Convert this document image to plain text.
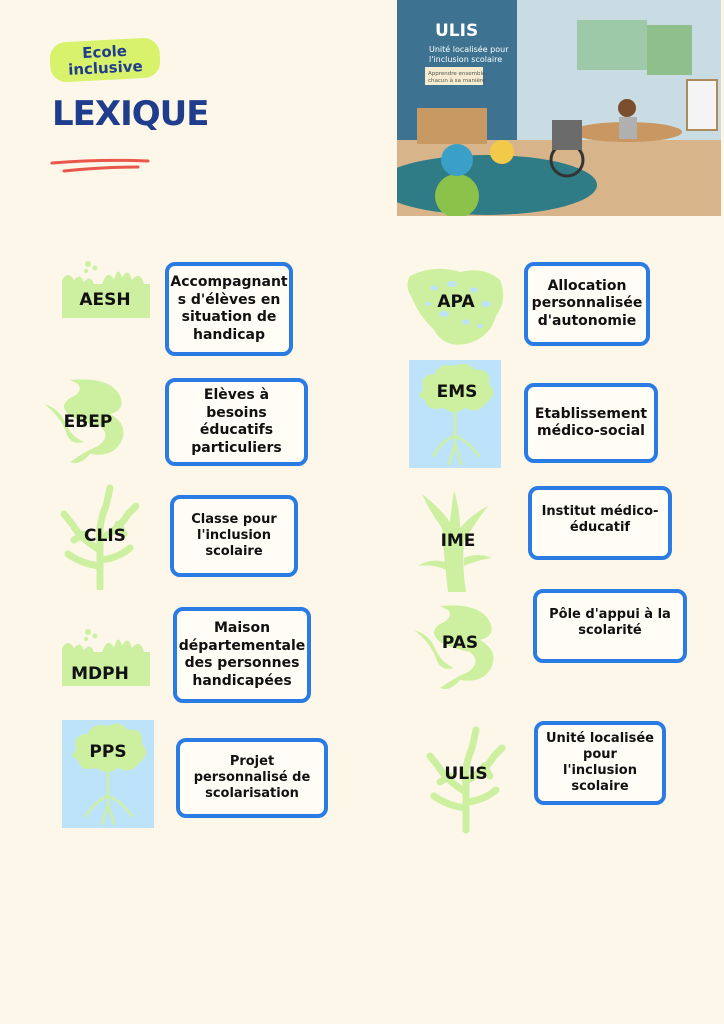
Ecole
inclusive
LEXIQUE
ULIS
Unité localisée pour
l'inclusion scolaire
Apprendre ensemble,
chacun à sa manière
AESH
Accompagnant s d'élèves en situation de handicap
EBEP
Elèves à besoins éducatifs particuliers
CLIS
Classe pour l'inclusion scolaire
MDPH
Maison départementale des personnes handicapées
PPS	Projet personnalisé de scolarisation
APA
Allocation personnalisée d'autonomie
EMS
Etablissement médico-social
IME
Institut médico-éducatif
PAS
Pôle d'appui à la scolarité
ULIS
Unité localisée pour l'inclusion scolaire
